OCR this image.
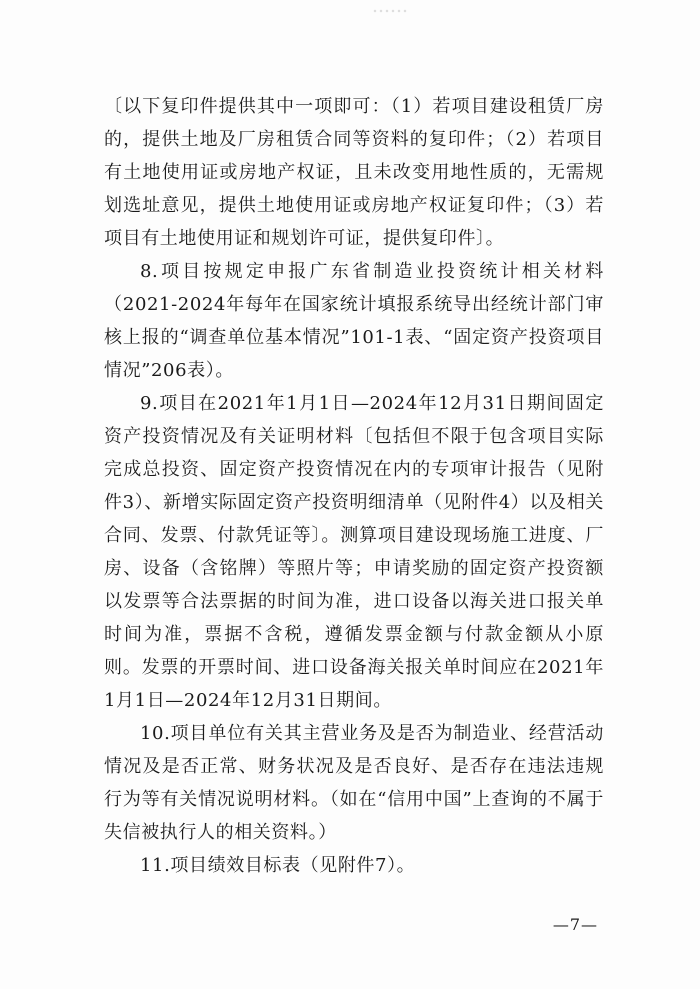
〔以下复印件提供其中一项即可：（1）若项目建设租赁厂房的，提供土地及厂房租赁合同等资料的复印件；（2）若项目有土地使用证或房地产权证，且未改变用地性质的，无需规划选址意见，提供土地使用证或房地产权证复印件；（3）若项目有土地使用证和规划许可证，提供复印件〕。

8.项目按规定申报广东省制造业投资统计相关材料（2021-2024年每年在国家统计填报系统导出经统计部门审核上报的“调查单位基本情况”101-1表、“固定资产投资项目情况”206表）。

9.项目在2021年1月1日—2024年12月31日期间固定资产投资情况及有关证明材料〔包括但不限于包含项目实际完成总投资、固定资产投资情况在内的专项审计报告（见附件3）、新增实际固定资产投资明细清单（见附件4）以及相关合同、发票、付款凭证等〕。测算项目建设现场施工进度、厂房、设备（含铭牌）等照片等；申请奖励的固定资产投资额以发票等合法票据的时间为准，进口设备以海关进口报关单时间为准，票据不含税，遵循发票金额与付款金额从小原则。发票的开票时间、进口设备海关报关单时间应在2021年1月1日—2024年12月31日期间。

10.项目单位有关其主营业务及是否为制造业、经营活动情况及是否正常、财务状况及是否良好、是否存在违法违规行为等有关情况说明材料。（如在“信用中国”上查询的不属于失信被执行人的相关资料。）

11.项目绩效目标表（见附件7）。

—7—
